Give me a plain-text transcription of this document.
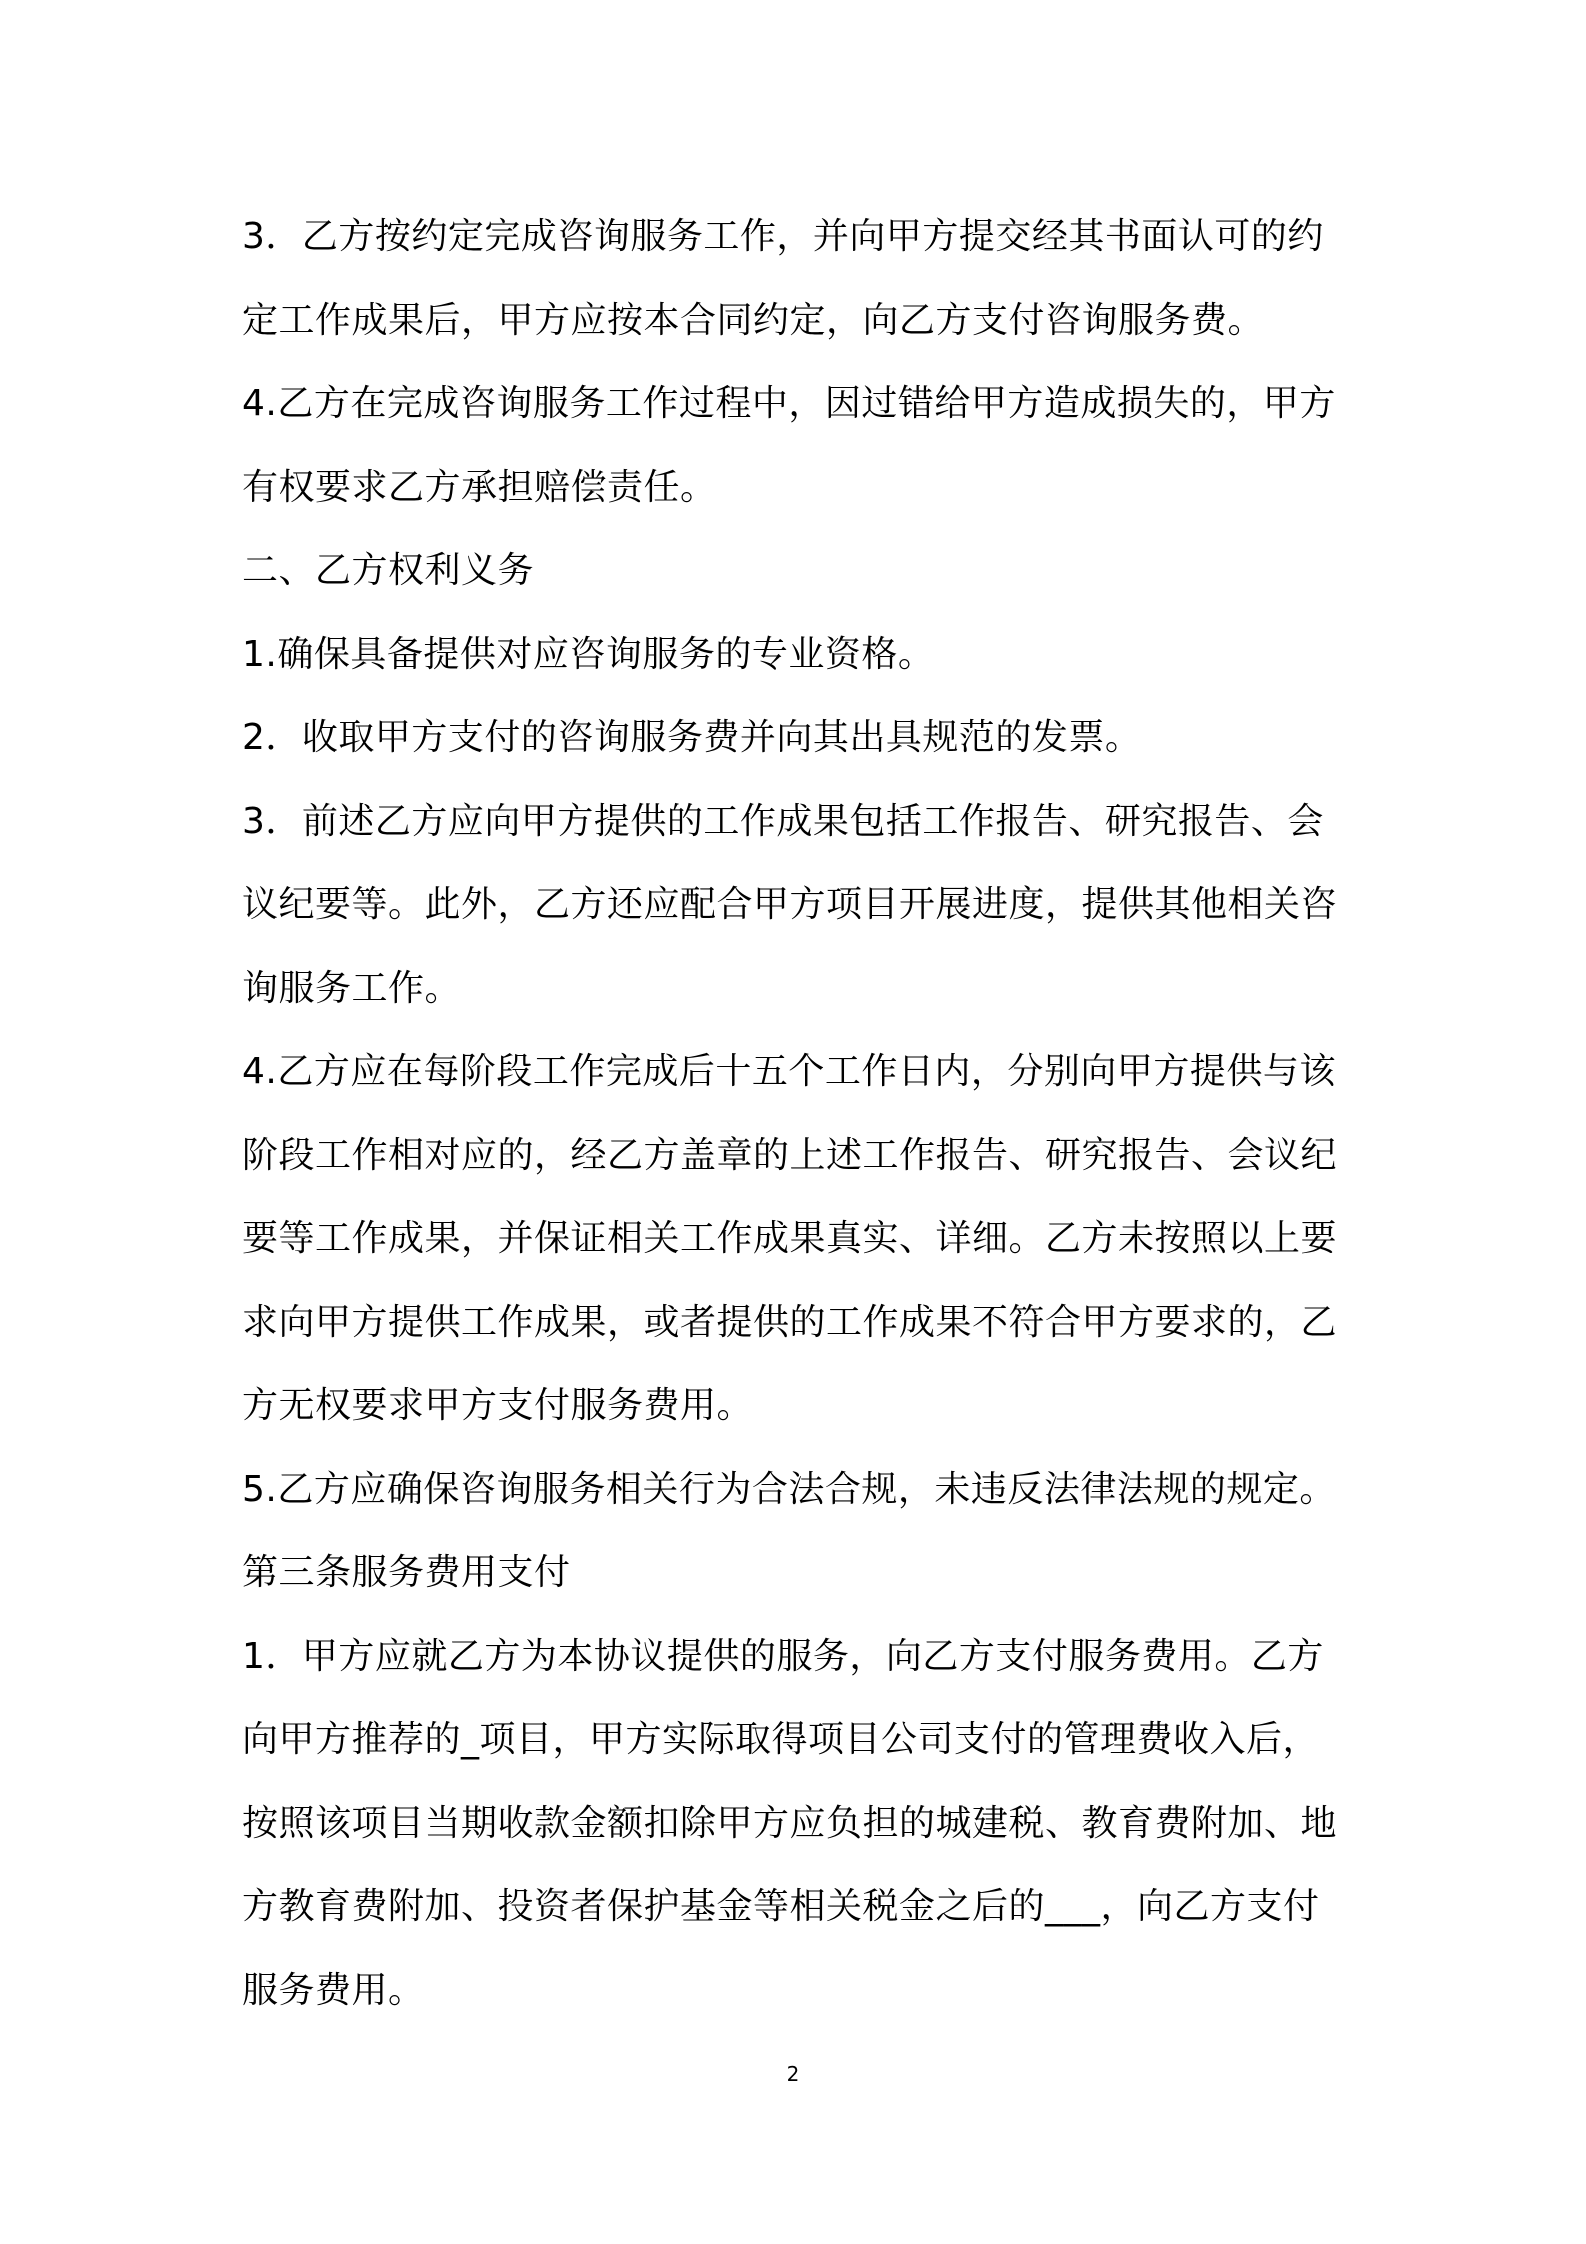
3．乙方按约定完成咨询服务工作，并向甲方提交经其书面认可的约
定工作成果后，甲方应按本合同约定，向乙方支付咨询服务费。
4.乙方在完成咨询服务工作过程中，因过错给甲方造成损失的，甲方
有权要求乙方承担赔偿责任。
二、乙方权利义务
1.确保具备提供对应咨询服务的专业资格。
2．收取甲方支付的咨询服务费并向其出具规范的发票。
3．前述乙方应向甲方提供的工作成果包括工作报告、研究报告、会
议纪要等。此外，乙方还应配合甲方项目开展进度，提供其他相关咨
询服务工作。
4.乙方应在每阶段工作完成后十五个工作日内，分别向甲方提供与该
阶段工作相对应的，经乙方盖章的上述工作报告、研究报告、会议纪
要等工作成果，并保证相关工作成果真实、详细。乙方未按照以上要
求向甲方提供工作成果，或者提供的工作成果不符合甲方要求的，乙
方无权要求甲方支付服务费用。
5.乙方应确保咨询服务相关行为合法合规，未违反法律法规的规定。
第三条服务费用支付
1．甲方应就乙方为本协议提供的服务，向乙方支付服务费用。乙方
向甲方推荐的_项目，甲方实际取得项目公司支付的管理费收入后，
按照该项目当期收款金额扣除甲方应负担的城建税、教育费附加、地
方教育费附加、投资者保护基金等相关税金之后的___，向乙方支付
服务费用。
2
